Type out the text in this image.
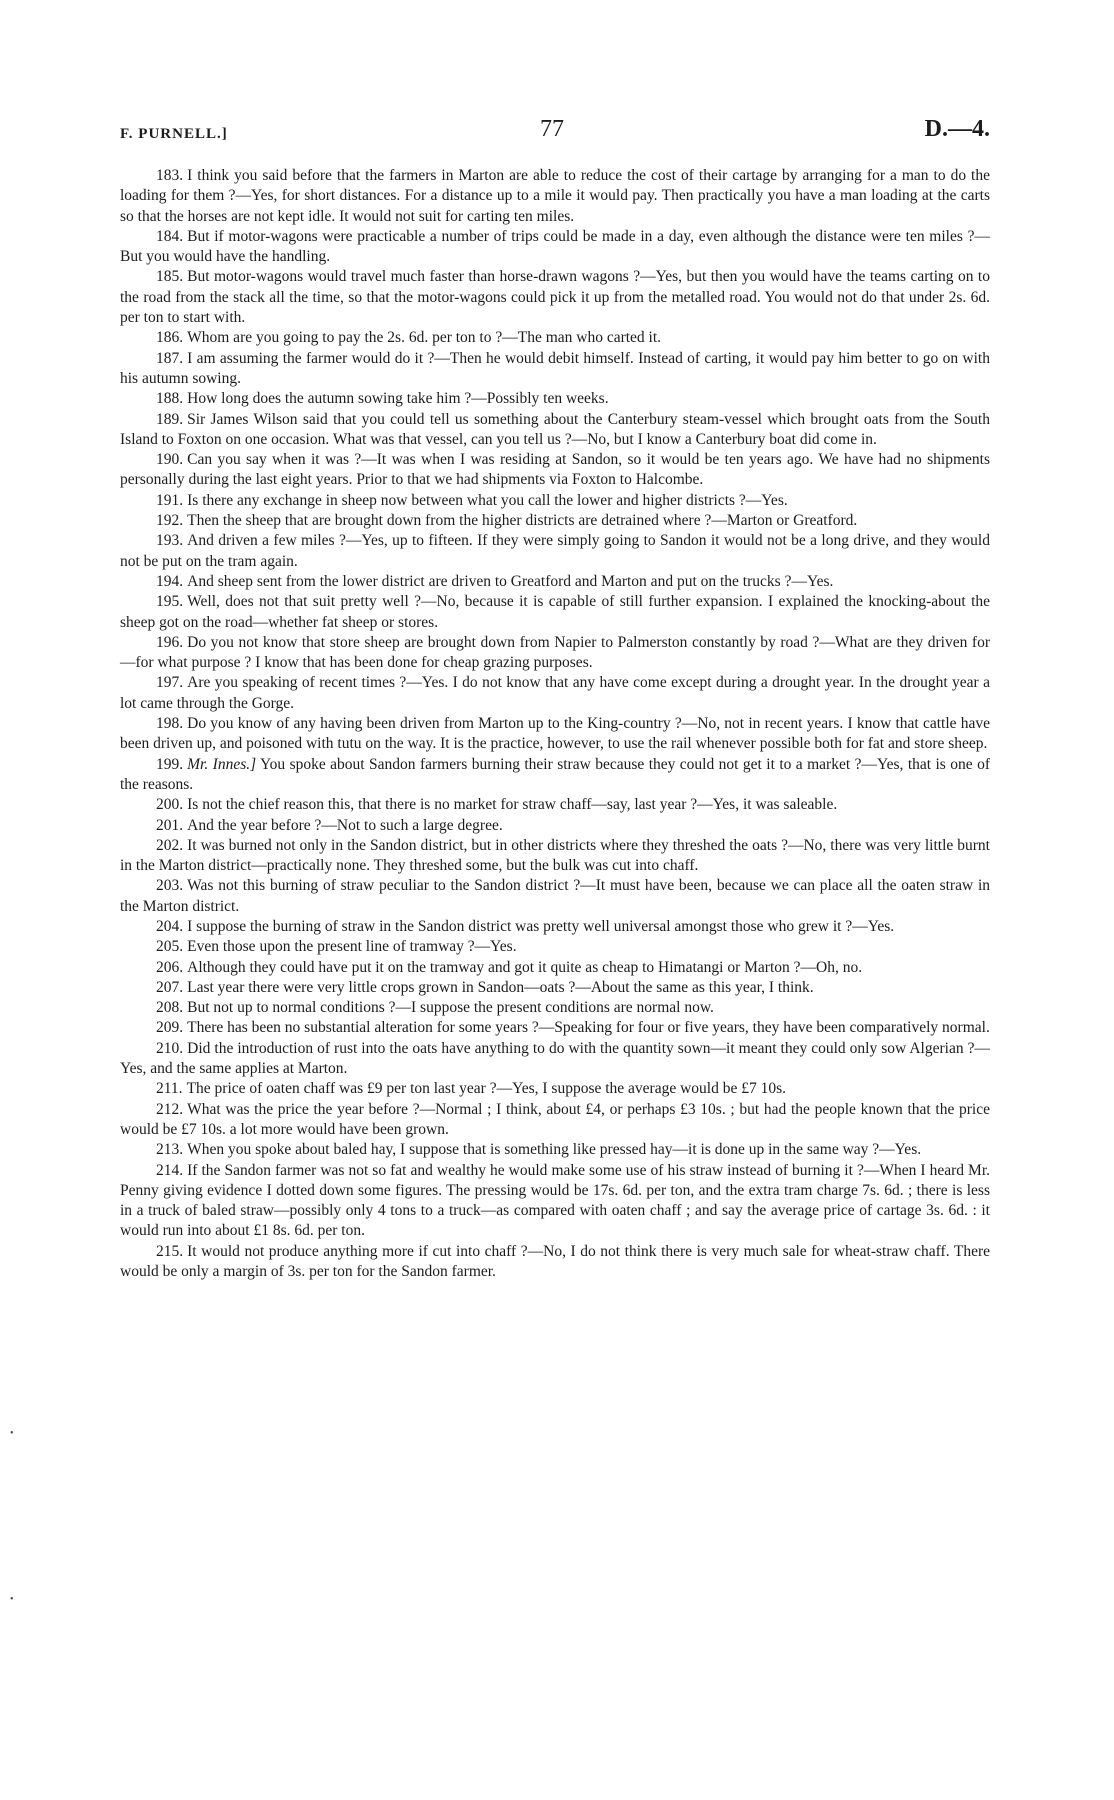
F. PURNELL.]	77	D.—4.

183. I think you said before that the farmers in Marton are able to reduce the cost of their cartage by arranging for a man to do the loading for them ?—Yes, for short distances. For a distance up to a mile it would pay. Then practically you have a man loading at the carts so that the horses are not kept idle. It would not suit for carting ten miles.

184. But if motor-wagons were practicable a number of trips could be made in a day, even although the distance were ten miles ?—But you would have the handling.

185. But motor-wagons would travel much faster than horse-drawn wagons ?—Yes, but then you would have the teams carting on to the road from the stack all the time, so that the motor-wagons could pick it up from the metalled road. You would not do that under 2s. 6d. per ton to start with.

186. Whom are you going to pay the 2s. 6d. per ton to ?—The man who carted it.

187. I am assuming the farmer would do it ?—Then he would debit himself. Instead of carting, it would pay him better to go on with his autumn sowing.

188. How long does the autumn sowing take him ?—Possibly ten weeks.

189. Sir James Wilson said that you could tell us something about the Canterbury steam-vessel which brought oats from the South Island to Foxton on one occasion. What was that vessel, can you tell us ?—No, but I know a Canterbury boat did come in.

190. Can you say when it was ?—It was when I was residing at Sandon, so it would be ten years ago. We have had no shipments personally during the last eight years. Prior to that we had shipments via Foxton to Halcombe.

191. Is there any exchange in sheep now between what you call the lower and higher districts ?—Yes.

192. Then the sheep that are brought down from the higher districts are detrained where ?—Marton or Greatford.

193. And driven a few miles ?—Yes, up to fifteen. If they were simply going to Sandon it would not be a long drive, and they would not be put on the tram again.

194. And sheep sent from the lower district are driven to Greatford and Marton and put on the trucks ?—Yes.

195. Well, does not that suit pretty well ?—No, because it is capable of still further expansion. I explained the knocking-about the sheep got on the road—whether fat sheep or stores.

196. Do you not know that store sheep are brought down from Napier to Palmerston constantly by road ?—What are they driven for—for what purpose ? I know that has been done for cheap grazing purposes.

197. Are you speaking of recent times ?—Yes. I do not know that any have come except during a drought year. In the drought year a lot came through the Gorge.

198. Do you know of any having been driven from Marton up to the King-country ?—No, not in recent years. I know that cattle have been driven up, and poisoned with tutu on the way. It is the practice, however, to use the rail whenever possible both for fat and store sheep.

199. Mr. Innes.] You spoke about Sandon farmers burning their straw because they could not get it to a market ?—Yes, that is one of the reasons.

200. Is not the chief reason this, that there is no market for straw chaff—say, last year ?—Yes, it was saleable.

201. And the year before ?—Not to such a large degree.

202. It was burned not only in the Sandon district, but in other districts where they threshed the oats ?—No, there was very little burnt in the Marton district—practically none. They threshed some, but the bulk was cut into chaff.

203. Was not this burning of straw peculiar to the Sandon district ?—It must have been, because we can place all the oaten straw in the Marton district.

204. I suppose the burning of straw in the Sandon district was pretty well universal amongst those who grew it ?—Yes.

205. Even those upon the present line of tramway ?—Yes.

206. Although they could have put it on the tramway and got it quite as cheap to Himatangi or Marton ?—Oh, no.

207. Last year there were very little crops grown in Sandon—oats ?—About the same as this year, I think.

208. But not up to normal conditions ?—I suppose the present conditions are normal now.

209. There has been no substantial alteration for some years ?—Speaking for four or five years, they have been comparatively normal.

210. Did the introduction of rust into the oats have anything to do with the quantity sown—it meant they could only sow Algerian ?—Yes, and the same applies at Marton.

211. The price of oaten chaff was £9 per ton last year ?—Yes, I suppose the average would be £7 10s.

212. What was the price the year before ?—Normal ; I think, about £4, or perhaps £3 10s. ; but had the people known that the price would be £7 10s. a lot more would have been grown.

213. When you spoke about baled hay, I suppose that is something like pressed hay—it is done up in the same way ?—Yes.

214. If the Sandon farmer was not so fat and wealthy he would make some use of his straw instead of burning it ?—When I heard Mr. Penny giving evidence I dotted down some figures. The pressing would be 17s. 6d. per ton, and the extra tram charge 7s. 6d. ; there is less in a truck of baled straw—possibly only 4 tons to a truck—as compared with oaten chaff ; and say the average price of cartage 3s. 6d. : it would run into about £1 8s. 6d. per ton.

215. It would not produce anything more if cut into chaff ?—No, I do not think there is very much sale for wheat-straw chaff. There would be only a margin of 3s. per ton for the Sandon farmer.

•
•
